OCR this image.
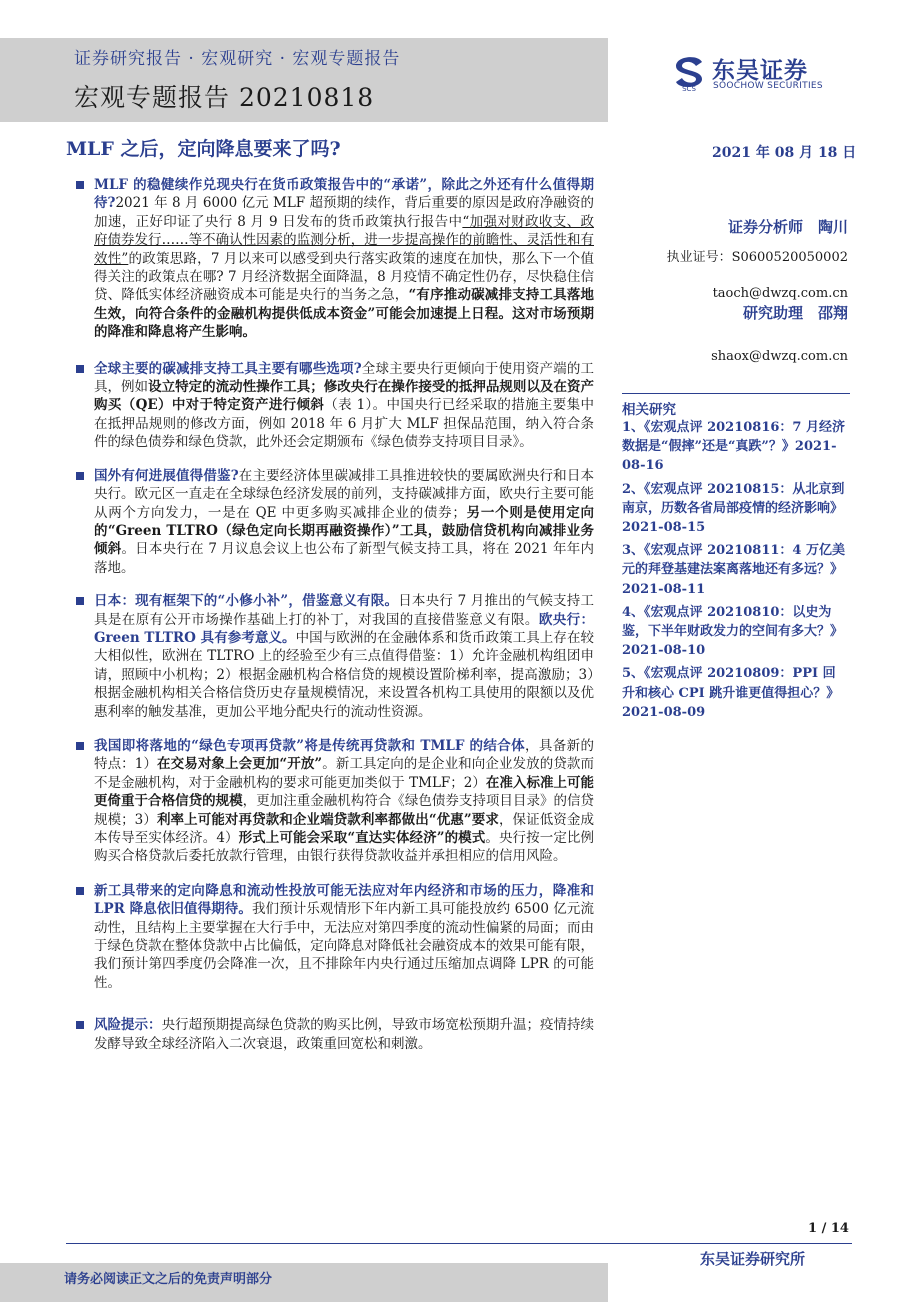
证券研究报告 · 宏观研究 · 宏观专题报告
宏观专题报告 20210818	SCS
东吴证券
SOOCHOW SECURITIES
MLF 之后，定向降息要来了吗?	2021 年 08 月 18 日

MLF 的稳健续作兑现央行在货币政策报告中的“承诺”，除此之外还有什么值得期待?2021 年 8 月 6000 亿元 MLF 超预期的续作，背后重要的原因是政府净融资的加速，正好印证了央行 8 月 9 日发布的货币政策执行报告中“加强对财政收支、政府债券发行……等不确认性因素的监测分析，进一步提高操作的前瞻性、灵活性和有效性”的政策思路，7 月以来可以感受到央行落实政策的速度在加快，那么下一个值得关注的政策点在哪? 7 月经济数据全面降温，8 月疫情不确定性仍存，尽快稳住信贷、降低实体经济融资成本可能是央行的当务之急，“有序推动碳减排支持工具落地生效，向符合条件的金融机构提供低成本资金”可能会加速提上日程。这对市场预期的降准和降息将产生影响。

全球主要的碳减排支持工具主要有哪些选项?全球主要央行更倾向于使用资产端的工具，例如设立特定的流动性操作工具；修改央行在操作接受的抵押品规则以及在资产购买（QE）中对于特定资产进行倾斜（表 1）。中国央行已经采取的措施主要集中在抵押品规则的修改方面，例如 2018 年 6 月扩大 MLF 担保品范围，纳入符合条件的绿色债券和绿色贷款，此外还会定期颁布《绿色债券支持项目目录》。

国外有何进展值得借鉴?在主要经济体里碳减排工具推进较快的要属欧洲央行和日本央行。欧元区一直走在全球绿色经济发展的前列，支持碳减排方面，欧央行主要可能从两个方向发力，一是在 QE 中更多购买减排企业的债券；另一个则是使用定向的“Green TLTRO（绿色定向长期再融资操作）”工具，鼓励信贷机构向减排业务倾斜。日本央行在 7 月议息会议上也公布了新型气候支持工具，将在 2021 年年内落地。

日本：现有框架下的“小修小补”，借鉴意义有限。日本央行 7 月推出的气候支持工具是在原有公开市场操作基础上打的补丁，对我国的直接借鉴意义有限。欧央行：Green TLTRO 具有参考意义。中国与欧洲的在金融体系和货币政策工具上存在较大相似性，欧洲在 TLTRO 上的经验至少有三点值得借鉴：1）允许金融机构组团申请，照顾中小机构；2）根据金融机构合格信贷的规模设置阶梯利率，提高激励；3）根据金融机构相关合格信贷历史存量规模情况，来设置各机构工具使用的限额以及优惠利率的触发基准，更加公平地分配央行的流动性资源。

我国即将落地的“绿色专项再贷款”将是传统再贷款和 TMLF 的结合体，具备新的特点：1）在交易对象上会更加“开放”。新工具定向的是企业和向企业发放的贷款而不是金融机构，对于金融机构的要求可能更加类似于 TMLF；2）在准入标准上可能更倚重于合格信贷的规模，更加注重金融机构符合《绿色债券支持项目目录》的信贷规模；3）利率上可能对再贷款和企业端贷款利率都做出“优惠”要求，保证低资金成本传导至实体经济。4）形式上可能会采取“直达实体经济”的模式。央行按一定比例购买合格贷款后委托放款行管理，由银行获得贷款收益并承担相应的信用风险。

新工具带来的定向降息和流动性投放可能无法应对年内经济和市场的压力，降准和 LPR 降息依旧值得期待。我们预计乐观情形下年内新工具可能投放约 6500 亿元流动性，且结构上主要掌握在大行手中，无法应对第四季度的流动性偏紧的局面；而由于绿色贷款在整体贷款中占比偏低，定向降息对降低社会融资成本的效果可能有限，我们预计第四季度仍会降准一次，且不排除年内央行通过压缩加点调降 LPR 的可能性。

风险提示：央行超预期提高绿色贷款的购买比例，导致市场宽松预期升温；疫情持续发酵导致全球经济陷入二次衰退，政策重回宽松和刺激。

证券分析师　陶川
执业证号：S0600520050002
taoch@dwzq.com.cn
研究助理　邵翔
shaox@dwzq.com.cn
相关研究
1、《宏观点评 20210816：7 月经济数据是“假摔”还是“真跌”？》2021-08-16
2、《宏观点评 20210815：从北京到南京，历数各省局部疫情的经济影响》2021-08-15
3、《宏观点评 20210811：4 万亿美元的拜登基建法案离落地还有多远？》2021-08-11
4、《宏观点评 20210810：以史为鉴，下半年财政发力的空间有多大？》2021-08-10
5、《宏观点评 20210809：PPI 回升和核心 CPI 跳升谁更值得担心？》2021-08-09
1 / 14
东吴证券研究所
请务必阅读正文之后的免责声明部分
